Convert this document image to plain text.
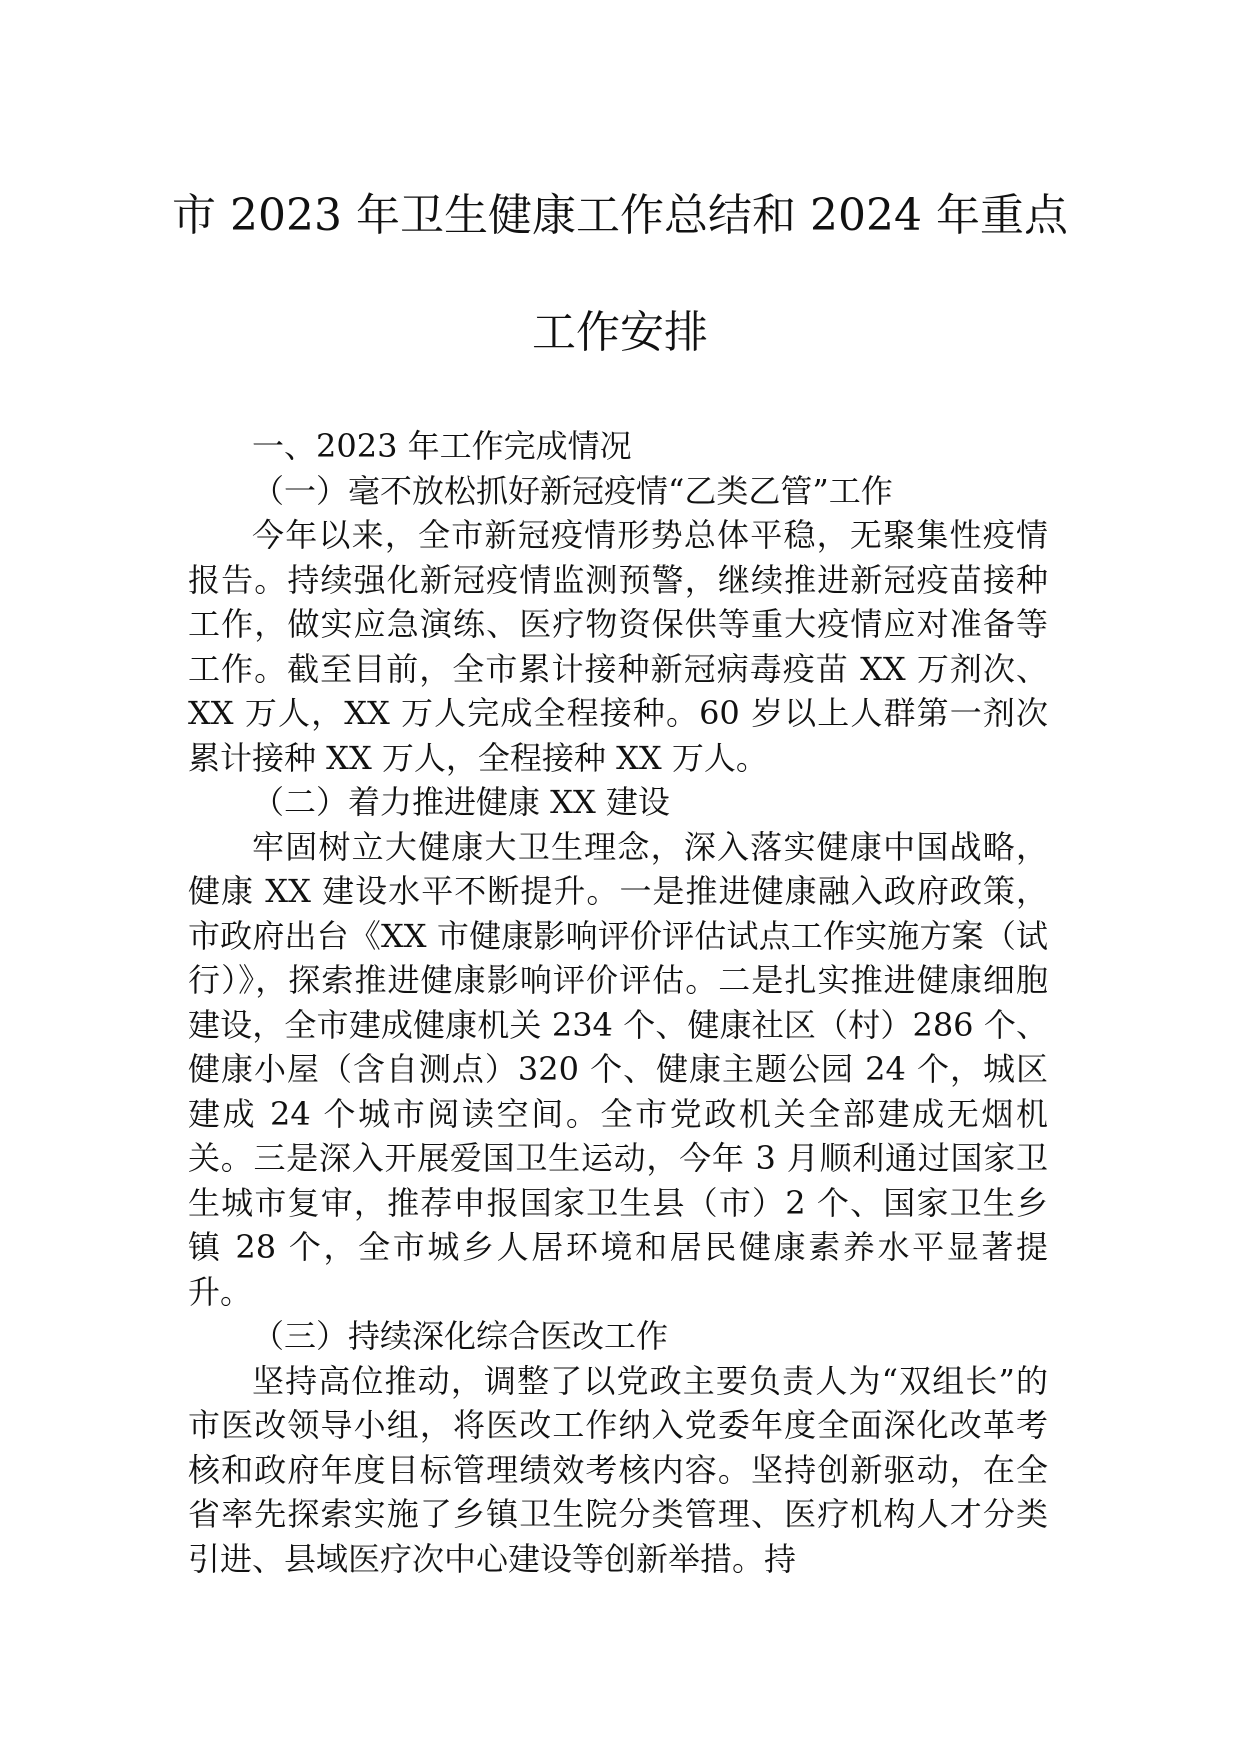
市 2023 年卫生健康工作总结和 2024 年重点
工作安排

一、2023 年工作完成情况

（一）毫不放松抓好新冠疫情“乙类乙管”工作

今年以来，全市新冠疫情形势总体平稳，无聚集性疫情报告。持续强化新冠疫情监测预警，继续推进新冠疫苗接种工作，做实应急演练、医疗物资保供等重大疫情应对准备等工作。截至目前，全市累计接种新冠病毒疫苗 XX 万剂次、XX 万人，XX 万人完成全程接种。60 岁以上人群第一剂次累计接种 XX 万人，全程接种 XX 万人。

（二）着力推进健康 XX 建设

牢固树立大健康大卫生理念，深入落实健康中国战略，健康 XX 建设水平不断提升。一是推进健康融入政府政策，市政府出台《XX 市健康影响评价评估试点工作实施方案（试行）》，探索推进健康影响评价评估。二是扎实推进健康细胞建设，全市建成健康机关 234 个、健康社区（村）286 个、健康小屋（含自测点）320 个、健康主题公园 24 个，城区建成 24 个城市阅读空间。全市党政机关全部建成无烟机关。三是深入开展爱国卫生运动，今年 3 月顺利通过国家卫生城市复审，推荐申报国家卫生县（市）2 个、国家卫生乡镇 28 个，全市城乡人居环境和居民健康素养水平显著提升。

（三）持续深化综合医改工作

坚持高位推动，调整了以党政主要负责人为“双组长”的市医改领导小组，将医改工作纳入党委年度全面深化改革考核和政府年度目标管理绩效考核内容。坚持创新驱动，在全省率先探索实施了乡镇卫生院分类管理、医疗机构人才分类引进、县域医疗次中心建设等创新举措。持
